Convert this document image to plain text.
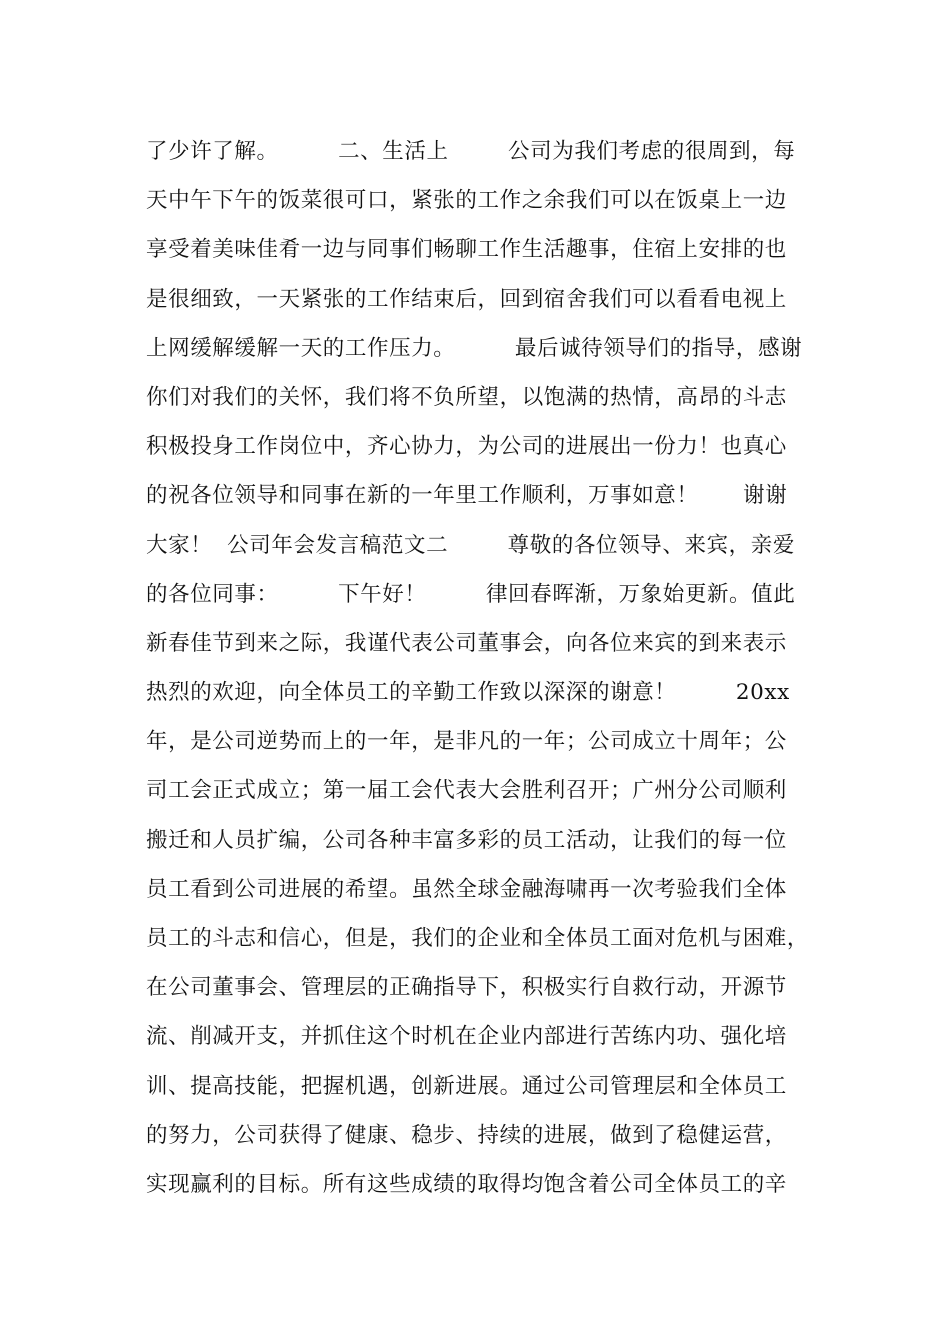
了少许了解。        二、生活上        公司为我们考虑的很周到，每
天中午下午的饭菜很可口，紧张的工作之余我们可以在饭桌上一边
享受着美味佳肴一边与同事们畅聊工作生活趣事，住宿上安排的也
是很细致，一天紧张的工作结束后，回到宿舍我们可以看看电视上
上网缓解缓解一天的工作压力。        最后诚待领导们的指导，感谢
你们对我们的关怀，我们将不负所望，以饱满的热情，高昂的斗志
积极投身工作岗位中，齐心协力，为公司的进展出一份力！也真心
的祝各位领导和同事在新的一年里工作顺利，万事如意！      谢谢
大家！  公司年会发言稿范文二        尊敬的各位领导、来宾，亲爱
的各位同事：        下午好！        律回春晖渐，万象始更新。值此
新春佳节到来之际，我谨代表公司董事会，向各位来宾的到来表示
热烈的欢迎，向全体员工的辛勤工作致以深深的谢意！        20xx
年，是公司逆势而上的一年，是非凡的一年；公司成立十周年；公
司工会正式成立；第一届工会代表大会胜利召开；广州分公司顺利
搬迁和人员扩编，公司各种丰富多彩的员工活动，让我们的每一位
员工看到公司进展的希望。虽然全球金融海啸再一次考验我们全体
员工的斗志和信心，但是，我们的企业和全体员工面对危机与困难，
在公司董事会、管理层的正确指导下，积极实行自救行动，开源节
流、削减开支，并抓住这个时机在企业内部进行苦练内功、强化培
训、提高技能，把握机遇，创新进展。通过公司管理层和全体员工
的努力，公司获得了健康、稳步、持续的进展，做到了稳健运营，
实现赢利的目标。所有这些成绩的取得均饱含着公司全体员工的辛
